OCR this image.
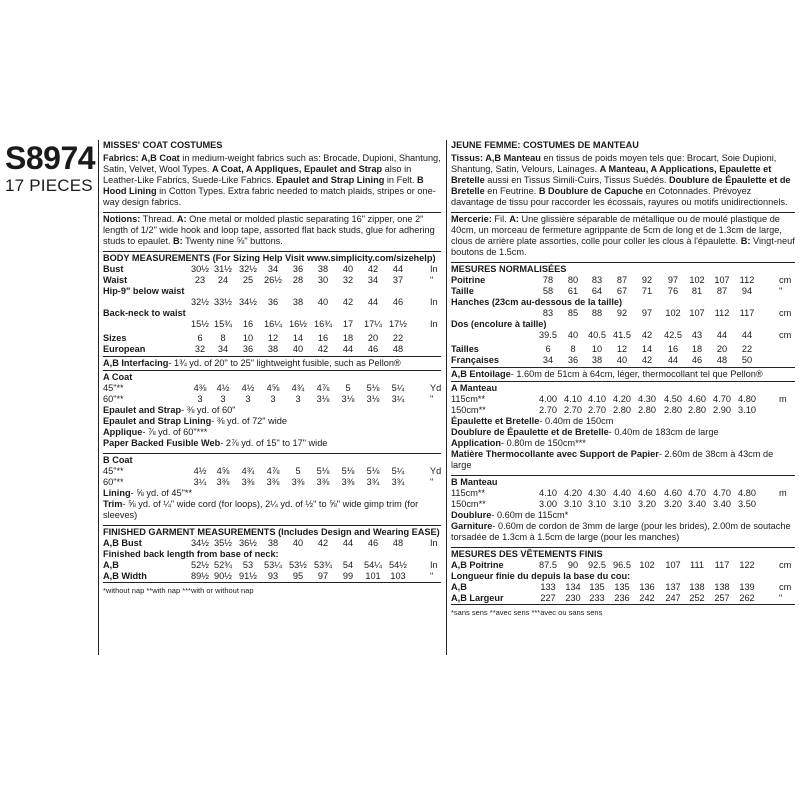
S8974
17 PIECES
MISSES' COAT COSTUMES
Fabrics: A,B Coat in medium-weight fabrics such as: Brocade, Dupioni, Shantung, Satin, Velvet, Wool Types. A Coat, A Appliques, Epaulet and Strap also in Leather-Like Fabrics, Suede-Like Fabrics. Epaulet and Strap Lining in Felt. B Hood Lining in Cotton Types. Extra fabric needed to match plaids, stripes or one-way design fabrics.
Notions: Thread. A: One metal or molded plastic separating 16" zipper, one 2" length of 1/2" wide hook and loop tape, assorted flat back studs, glue for adhering studs to epaulet. B: Twenty nine ⅝" buttons.
BODY MEASUREMENTS (For Sizing Help Visit www.simplicity.com/sizehelp)
Bust	30½ 31½ 32½	34	36	38	40	42	44	In
Waist	23	24	25	26½	28	30	32	34	37	"
Hip-9" below waist
32½ 33½ 34½	36	38	40	42	44	46	In
Back-neck to waist
15½ 15¾	16	16¼ 16½ 16¾	17	17¼ 17½	In
Sizes	6	8	10	12	14	16	18	20	22
European	32	34	36	38	40	42	44	46	48
A,B Interfacing- 1¾ yd. of 20" to 25" lightweight fusible, such as Pellon®
A Coat
45"**	4⅜	4½	4½	4⅝	4¾	4⅞	5	5⅛	5¼	Yd
60"**	3	3	3	3	3	3⅛	3⅛	3⅛	3¼	"
Epaulet and Strap- ⅜ yd. of 60"
Epaulet and Strap Lining- ⅜ yd. of 72" wide
Applique- ⅞ yd. of 60"***
Paper Backed Fusible Web- 2⅞ yd. of 15" to 17" wide
B Coat
45"**	4½	4⅝	4¾	4⅞	5	5⅛	5⅛	5⅛	5¼	Yd
60"**	3¼	3⅜	3⅜	3⅜	3⅜	3⅜	3⅜	3¾	3¾	"
Lining- ⅝ yd. of 45"**
Trim- ⅝ yd. of ¼" wide cord (for loops), 2¼ yd. of ½" to ⅝" wide gimp trim (for sleeves)
FINISHED GARMENT MEASUREMENTS (Includes Design and Wearing EASE)
A,B Bust	34½ 35½ 36½	38	40	42	44	46	48	In
Finished back length from base of neck:
A,B	52½ 52¾	53	53¼ 53½ 53¾	54	54¼ 54½	In
A,B Width	89½ 90½ 91½	93	95	97	99	101	103	"
*without nap **with nap ***with or without nap
JEUNE FEMME: COSTUMES DE MANTEAU
Tissus: A,B Manteau en tissus de poids moyen tels que: Brocart, Soie Dupioni, Shantung, Satin, Velours, Lainages. A Manteau, A Applications, Epaulette et Bretelle aussi en Tissus Simili-Cuirs, Tissus Suédés. Doublure de Épaulette et de Bretelle en Feutrine. B Doublure de Capuche en Cotonnades. Prévoyez davantage de tissu pour raccorder les écossais, rayures ou motifs unidirectionnels.
Mercerie: Fil. A: Une glissière séparable de métallique ou de moulé plastique de 40cm, un morceau de fermeture agrippante de 5cm de long et de 1.3cm de large, clous de arrière plate assorties, colle pour coller les clous à l'épaulette. B: Vingt-neuf boutons de 1.5cm.
MESURES NORMALISÉES
Poitrine	78	80	83	87	92	97	102	107	112	cm
Taille	58	61	64	67	71	76	81	87	94	"
Hanches (23cm au-dessous de la taille)
83	85	88	92	97	102 107	112	117	cm
Dos (encolure à taille)
39.5	40	40.5 41.5	42	42.5	43	44	44	cm
Tailles	6	8	10	12	14	16	18	20	22
Françaises	34	36	38	40	42	44	46	48	50
A,B Entoilage- 1.60m de 51cm à 64cm, léger, thermocollant tel que Pellon®
A Manteau
115cm**	4.00 4.10 4.10 4.20 4.30 4.50 4.60 4.70 4.80	m
150cm**	2.70 2.70 2.70 2.80 2.80 2.80 2.80 2.90 3.10
Épaulette et Bretelle- 0.40m de 150cm
Doublure de Épaulette et de Bretelle- 0.40m de 183cm de large
Application- 0.80m de 150cm***
Matière Thermocollante avec Support de Papier- 2.60m de 38cm à 43cm de large
B Manteau
115cm**	4.10 4.20 4.30 4.40 4.60 4.60 4.70 4.70 4.80	m
150cm**	3.00 3.10 3.10 3.10 3.20 3.20 3.40 3.40 3.50
Doublure- 0.60m de 115cm*
Garniture- 0.60m de cordon de 3mm de large (pour les brides), 2.00m de soutache torsadée de 1.3cm à 1.5cm de large (pour les manches)
MESURES DES VÊTEMENTS FINIS
A,B Poitrine	87.5	90	92.5 96.5 102	107	111	117	122	cm
Longueur finie du depuis la base du cou:
A,B	133	134 135	135	136	137 138	138	139	cm
A,B Largeur	227	230 233	236	242	247 252	257	262	"
*sans sens **avec sens ***avec ou sans sens
